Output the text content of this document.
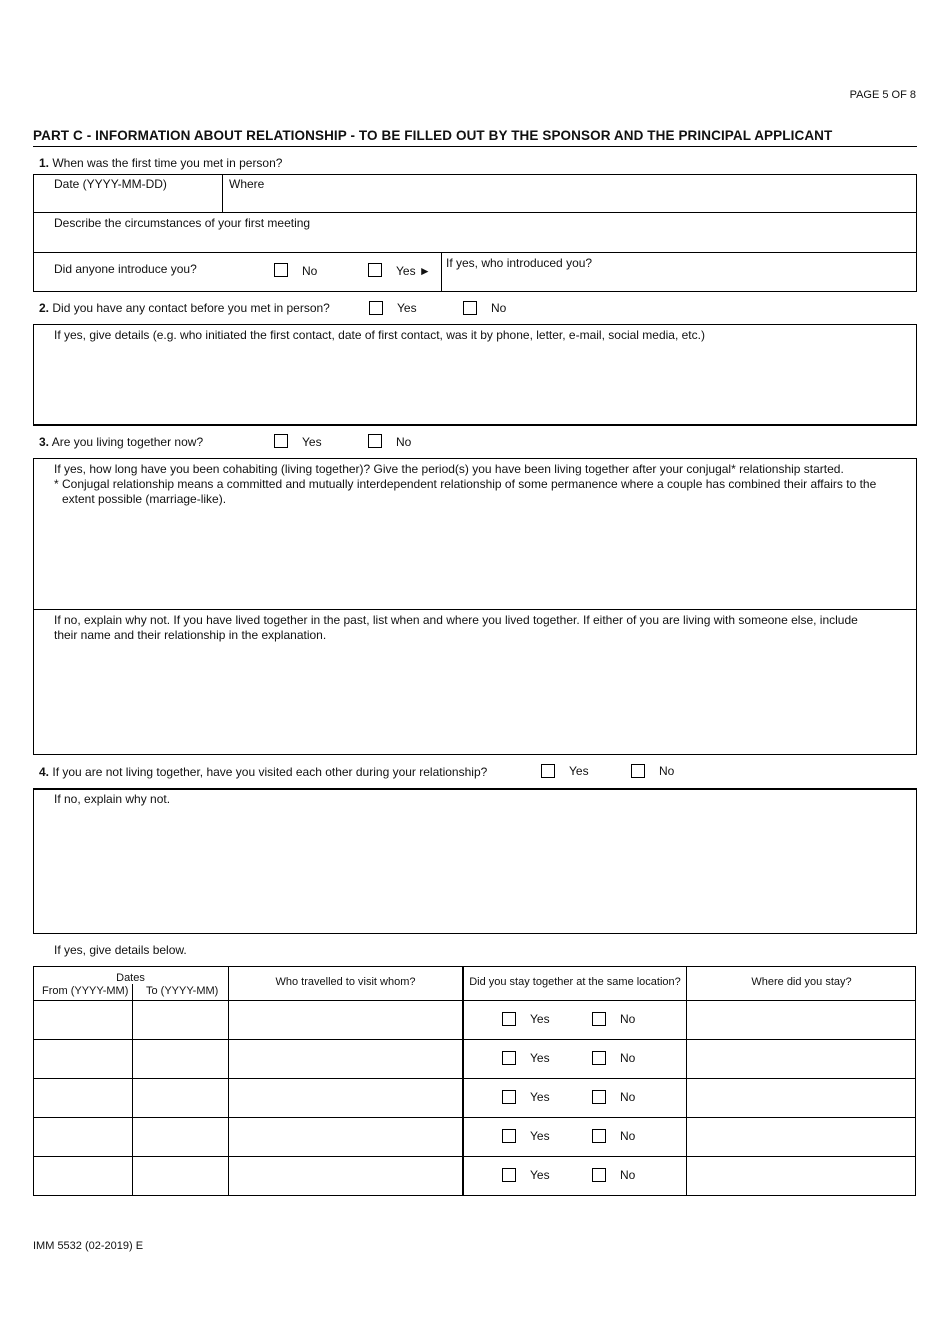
PAGE 5 OF 8
PART C - INFORMATION ABOUT RELATIONSHIP - TO BE FILLED OUT BY THE SPONSOR AND THE PRINCIPAL APPLICANT
1. When was the first time you met in person?
Date (YYYY-MM-DD)	Where
Describe the circumstances of your first meeting
Did anyone introduce you?	No	Yes ►
If yes, who introduced you?
2. Did you have any contact before you met in person?	Yes	No
If yes, give details (e.g. who initiated the first contact, date of first contact, was it by phone, letter, e-mail, social media, etc.)
3. Are you living together now?	Yes	No
If yes, how long have you been cohabiting (living together)? Give the period(s) you have been living together after your conjugal* relationship started.
* Conjugal relationship means a committed and mutually interdependent relationship of some permanence where a couple has combined their affairs to the
extent possible (marriage-like).
If no, explain why not. If you have lived together in the past, list when and where you lived together. If either of you are living with someone else, include
their name and their relationship in the explanation.
4. If you are not living together, have you visited each other during your relationship?	Yes	No
If no, explain why not.
If yes, give details below.
Dates
From (YYYY-MM) To (YYYY-MM)
Who travelled to visit whom?	Did you stay together at the same location?	Where did you stay?
Yes	No
Yes	No
Yes	No
Yes	No
Yes	No
IMM 5532 (02-2019) E
